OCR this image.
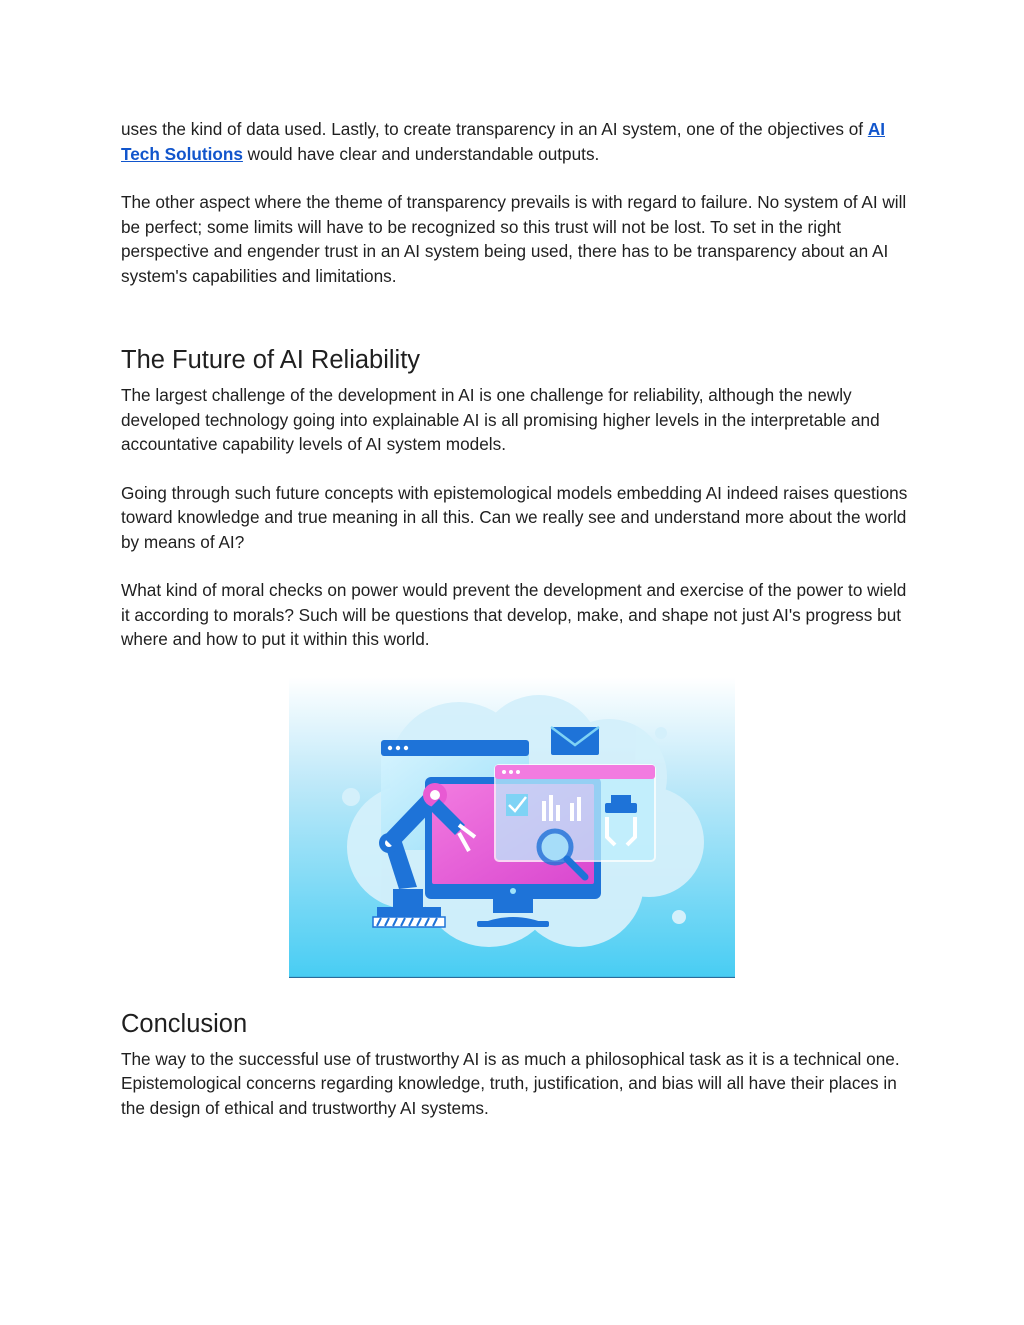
uses the kind of data used. Lastly, to create transparency in an AI system, one of the objectives of AI Tech Solutions would have clear and understandable outputs.

The other aspect where the theme of transparency prevails is with regard to failure. No system of AI will be perfect; some limits will have to be recognized so this trust will not be lost. To set in the right perspective and engender trust in an AI system being used, there has to be transparency about an AI system's capabilities and limitations.

The Future of AI Reliability

The largest challenge of the development in AI is one challenge for reliability, although the newly developed technology going into explainable AI is all promising higher levels in the interpretable and accountative capability levels of AI system models.

Going through such future concepts with epistemological models embedding AI indeed raises questions toward knowledge and true meaning in all this. Can we really see and understand more about the world by means of AI?

What kind of moral checks on power would prevent the development and exercise of the power to wield it according to morals? Such will be questions that develop, make, and shape not just AI's progress but where and how to put it within this world.

Conclusion

The way to the successful use of trustworthy AI is as much a philosophical task as it is a technical one. Epistemological concerns regarding knowledge, truth, justification, and bias will all have their places in the design of ethical and trustworthy AI systems.
